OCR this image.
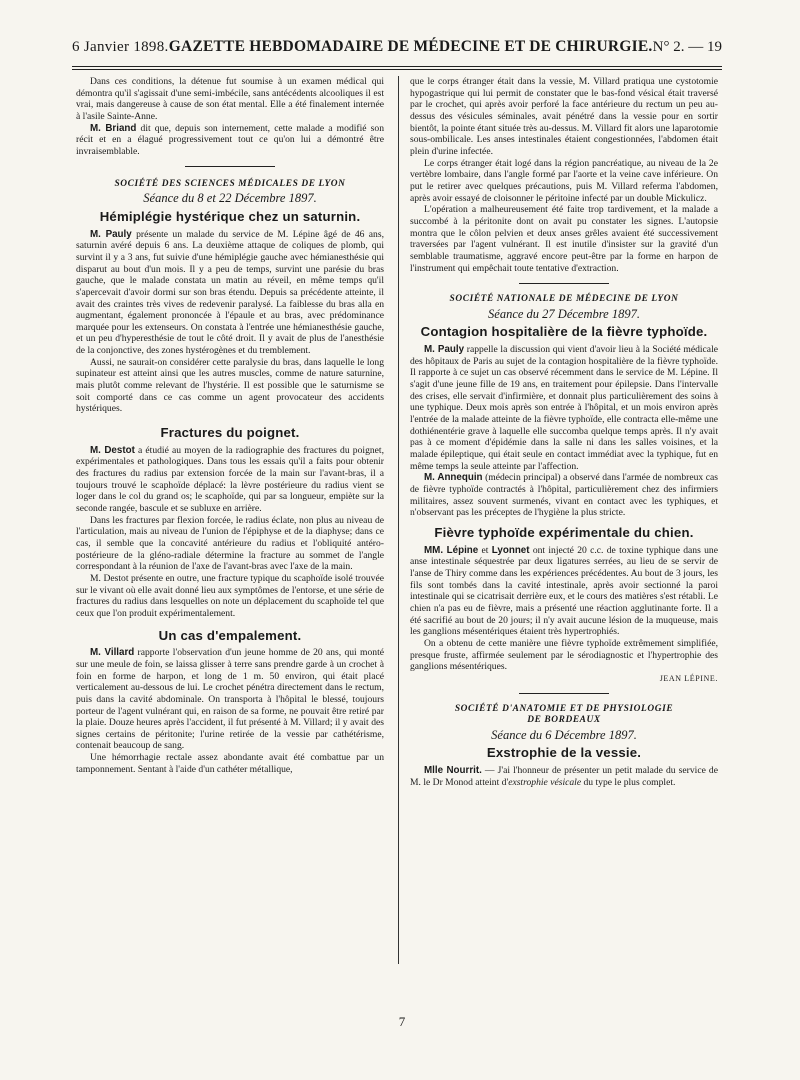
6 Janvier 1898. GAZETTE HEBDOMADAIRE DE MÉDECINE ET DE CHIRURGIE. N° 2. — 19

Dans ces conditions, la détenue fut soumise à un examen médical qui démontra qu'il s'agissait d'une semi-imbécile, sans antécédents alcooliques il est vrai, mais dangereuse à cause de son état mental. Elle a été finalement internée à l'asile Sainte-Anne.

M. Briand dit que, depuis son internement, cette malade a modifié son récit et en a élagué progressivement tout ce qu'on lui a démontré être invraisemblable.

SOCIÉTÉ DES SCIENCES MÉDICALES DE LYON

Séance du 8 et 22 Décembre 1897.

Hémiplégie hystérique chez un saturnin.

M. Pauly présente un malade du service de M. Lépine âgé de 46 ans, saturnin avéré depuis 6 ans. La deuxième attaque de coliques de plomb, qui survint il y a 3 ans, fut suivie d'une hémiplégie gauche avec hémianesthésie qui disparut au bout d'un mois. Il y a peu de temps, survint une parésie du bras gauche, que le malade constata un matin au réveil, en même temps qu'il s'apercevait d'avoir dormi sur son bras étendu. Depuis sa précédente atteinte, il avait des craintes très vives de redevenir paralysé. La faiblesse du bras alla en augmentant, également prononcée à l'épaule et au bras, avec prédominance marquée pour les extenseurs. On constata à l'entrée une hémianesthésie gauche, et un peu d'hyperesthésie de tout le côté droit. Il y avait de plus de l'anesthésie de la conjonctive, des zones hystérogènes et du tremblement.

Aussi, ne saurait-on considérer cette paralysie du bras, dans laquelle le long supinateur est atteint ainsi que les autres muscles, comme de nature saturnine, mais plutôt comme relevant de l'hystérie. Il est possible que le saturnisme se soit comporté dans ce cas comme un agent provocateur des accidents hystériques.

Fractures du poignet.

M. Destot a étudié au moyen de la radiographie des fractures du poignet, expérimentales et pathologiques. Dans tous les essais qu'il a faits pour obtenir des fractures du radius par extension forcée de la main sur l'avant-bras, il a toujours trouvé le scaphoïde déplacé: la lèvre postérieure du radius vient se loger dans le col du grand os; le scaphoïde, qui par sa longueur, empiète sur la seconde rangée, bascule et se subluxe en arrière.

Dans les fractures par flexion forcée, le radius éclate, non plus au niveau de l'articulation, mais au niveau de l'union de l'épiphyse et de la diaphyse; dans ce cas, il semble que la concavité antérieure du radius et l'obliquité antéro-postérieure de la gléno-radiale détermine la fracture au sommet de l'angle correspondant à la réunion de l'axe de l'avant-bras avec l'axe de la main.

M. Destot présente en outre, une fracture typique du scaphoïde isolé trouvée sur le vivant où elle avait donné lieu aux symptômes de l'entorse, et une série de fractures du radius dans lesquelles on note un déplacement du scaphoïde tel que ceux que l'on produit expérimentalement.

Un cas d'empalement.

M. Villard rapporte l'observation d'un jeune homme de 20 ans, qui monté sur une meule de foin, se laissa glisser à terre sans prendre garde à un crochet à foin en forme de harpon, et long de 1 m. 50 environ, qui était placé verticalement au-dessous de lui. Le crochet pénétra directement dans le rectum, puis dans la cavité abdominale. On transporta à l'hôpital le blessé, toujours porteur de l'agent vulnérant qui, en raison de sa forme, ne pouvait être retiré par la plaie. Douze heures après l'accident, il fut présenté à M. Villard; il y avait des signes certains de péritonite; l'urine retirée de la vessie par cathétérisme, contenait beaucoup de sang.

Une hémorrhagie rectale assez abondante avait été combattue par un tamponnement. Sentant à l'aide d'un cathéter métallique,

que le corps étranger était dans la vessie, M. Villard pratiqua une cystotomie hypogastrique qui lui permit de constater que le bas-fond vésical était traversé par le crochet, qui après avoir perforé la face antérieure du rectum un peu au-dessus des vésicules séminales, avait pénétré dans la vessie pour en sortir bientôt, la pointe étant située très au-dessus. M. Villard fit alors une laparotomie sous-ombilicale. Les anses intestinales étaient congestionnées, l'abdomen était plein d'urine infectée.

Le corps étranger était logé dans la région pancréatique, au niveau de la 2e vertèbre lombaire, dans l'angle formé par l'aorte et la veine cave inférieure. On put le retirer avec quelques précautions, puis M. Villard referma l'abdomen, après avoir essayé de cloisonner le péritoine infecté par un double Mickulicz.

L'opération a malheureusement été faite trop tardivement, et la malade a succombé à la péritonite dont on avait pu constater les signes. L'autopsie montra que le côlon pelvien et deux anses grêles avaient été successivement traversées par l'agent vulnérant. Il est inutile d'insister sur la gravité d'un semblable traumatisme, aggravé encore peut-être par la forme en harpon de l'instrument qui empêchait toute tentative d'extraction.

SOCIÉTÉ NATIONALE DE MÉDECINE DE LYON

Séance du 27 Décembre 1897.

Contagion hospitalière de la fièvre typhoïde.

M. Pauly rappelle la discussion qui vient d'avoir lieu à la Société médicale des hôpitaux de Paris au sujet de la contagion hospitalière de la fièvre typhoïde. Il rapporte à ce sujet un cas observé récemment dans le service de M. Lépine. Il s'agit d'une jeune fille de 19 ans, en traitement pour épilepsie. Dans l'intervalle des crises, elle servait d'infirmière, et donnait plus particulièrement des soins à une typhique. Deux mois après son entrée à l'hôpital, et un mois environ après l'entrée de la malade atteinte de la fièvre typhoïde, elle contracta elle-même une dothiénentérie grave à laquelle elle succomba quelque temps après. Il n'y avait pas à ce moment d'épidémie dans la salle ni dans les salles voisines, et la malade épileptique, qui était seule en contact immédiat avec la typhique, fut en même temps la seule atteinte par l'affection.

M. Annequin (médecin principal) a observé dans l'armée de nombreux cas de fièvre typhoïde contractés à l'hôpital, particulièrement chez des infirmiers militaires, assez souvent surmenés, vivant en contact avec les typhiques, et n'observant pas les préceptes de l'hygiène la plus stricte.

Fièvre typhoïde expérimentale du chien.

MM. Lépine et Lyonnet ont injecté 20 c.c. de toxine typhique dans une anse intestinale séquestrée par deux ligatures serrées, au lieu de se servir de l'anse de Thiry comme dans les expériences précédentes. Au bout de 3 jours, les fils sont tombés dans la cavité intestinale, après avoir sectionné la paroi intestinale qui se cicatrisait derrière eux, et le cours des matières s'est rétabli. Le chien n'a pas eu de fièvre, mais a présenté une réaction agglutinante forte. Il a été sacrifié au bout de 20 jours; il n'y avait aucune lésion de la muqueuse, mais les ganglions mésentériques étaient très hypertrophiés.

On a obtenu de cette manière une fièvre typhoïde extrêmement simplifiée, presque fruste, affirmée seulement par le sérodiagnostic et l'hypertrophie des ganglions mésentériques.

JEAN LÉPINE.

SOCIÉTÉ D'ANATOMIE ET DE PHYSIOLOGIE

DE BORDEAUX

Séance du 6 Décembre 1897.

Exstrophie de la vessie.

Mlle Nourrit. — J'ai l'honneur de présenter un petit malade du service de M. le Dr Monod atteint d'exstrophie vésicale du type le plus complet.

7
